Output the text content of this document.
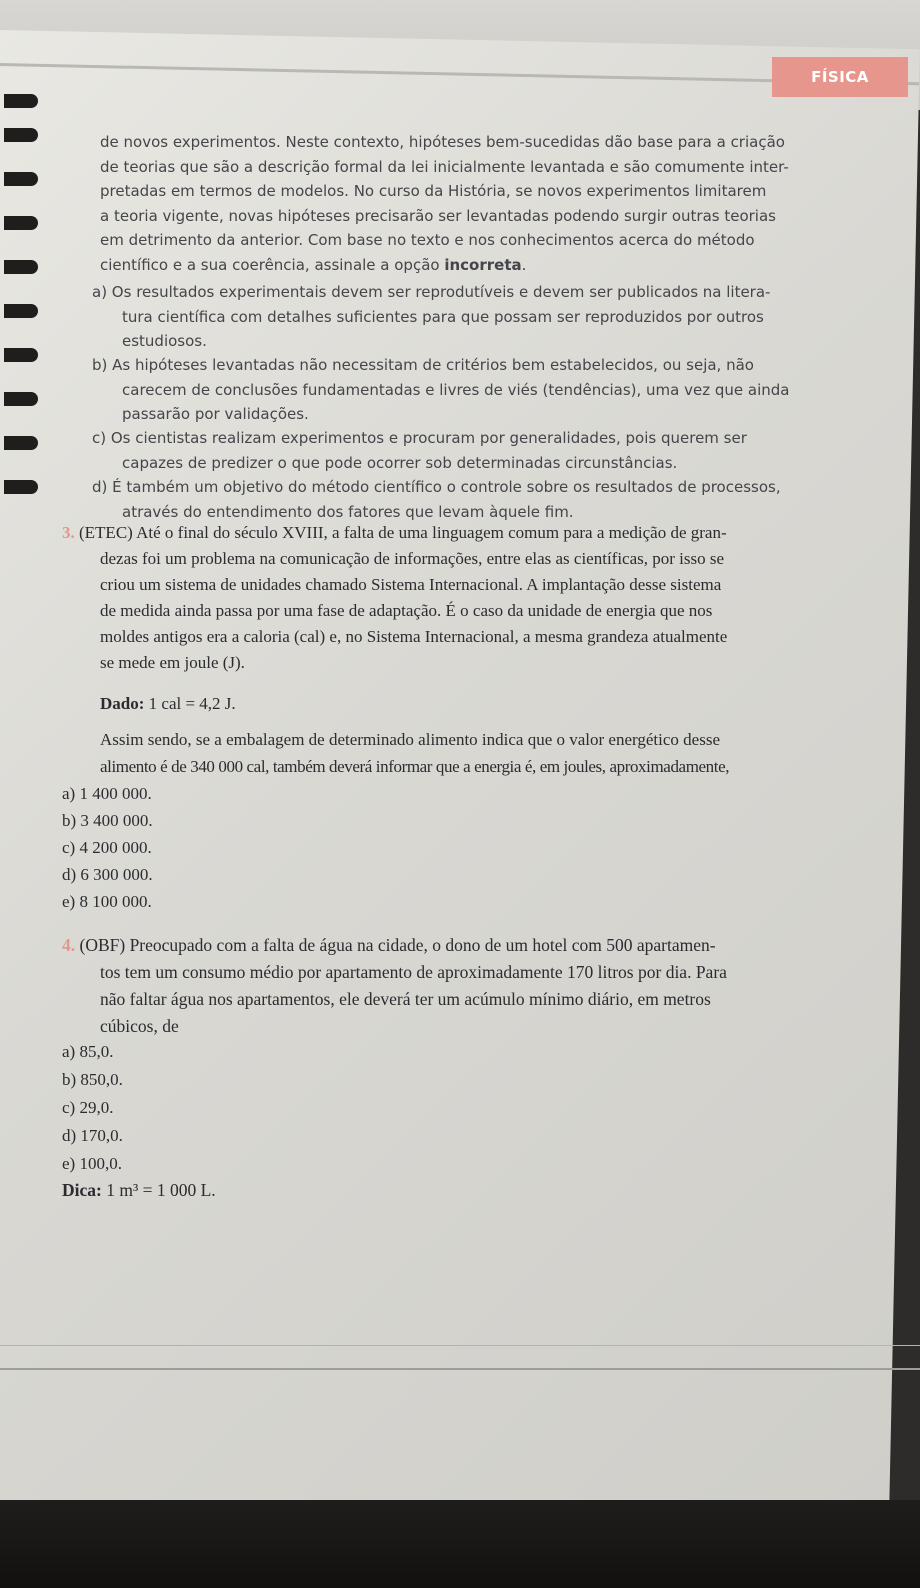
FÍSICA
de novos experimentos. Neste contexto, hipóteses bem-sucedidas dão base para a criação
de teorias que são a descrição formal da lei inicialmente levantada e são comumente inter-
pretadas em termos de modelos. No curso da História, se novos experimentos limitarem
a teoria vigente, novas hipóteses precisarão ser levantadas podendo surgir outras teorias
em detrimento da anterior. Com base no texto e nos conhecimentos acerca do método
científico e a sua coerência, assinale a opção incorreta.
a) Os resultados experimentais devem ser reprodutíveis e devem ser publicados na litera-
tura científica com detalhes suficientes para que possam ser reproduzidos por outros
estudiosos.
b) As hipóteses levantadas não necessitam de critérios bem estabelecidos, ou seja, não
carecem de conclusões fundamentadas e livres de viés (tendências), uma vez que ainda
passarão por validações.
c) Os cientistas realizam experimentos e procuram por generalidades, pois querem ser
capazes de predizer o que pode ocorrer sob determinadas circunstâncias.
d) É também um objetivo do método científico o controle sobre os resultados de processos,
através do entendimento dos fatores que levam àquele fim.
3. (ETEC) Até o final do século XVIII, a falta de uma linguagem comum para a medição de gran-
dezas foi um problema na comunicação de informações, entre elas as científicas, por isso se
criou um sistema de unidades chamado Sistema Internacional. A implantação desse sistema
de medida ainda passa por uma fase de adaptação. É o caso da unidade de energia que nos
moldes antigos era a caloria (cal) e, no Sistema Internacional, a mesma grandeza atualmente
se mede em joule (J).
Dado: 1 cal = 4,2 J.
Assim sendo, se a embalagem de determinado alimento indica que o valor energético desse
alimento é de 340 000 cal, também deverá informar que a energia é, em joules, aproximadamente,
a) 1 400 000.
b) 3 400 000.
c) 4 200 000.
d) 6 300 000.
e) 8 100 000.
4. (OBF) Preocupado com a falta de água na cidade, o dono de um hotel com 500 apartamen-
tos tem um consumo médio por apartamento de aproximadamente 170 litros por dia. Para
não faltar água nos apartamentos, ele deverá ter um acúmulo mínimo diário, em metros
cúbicos, de
a) 85,0.
b) 850,0.
c) 29,0.
d) 170,0.
e) 100,0.
Dica: 1 m³ = 1 000 L.
